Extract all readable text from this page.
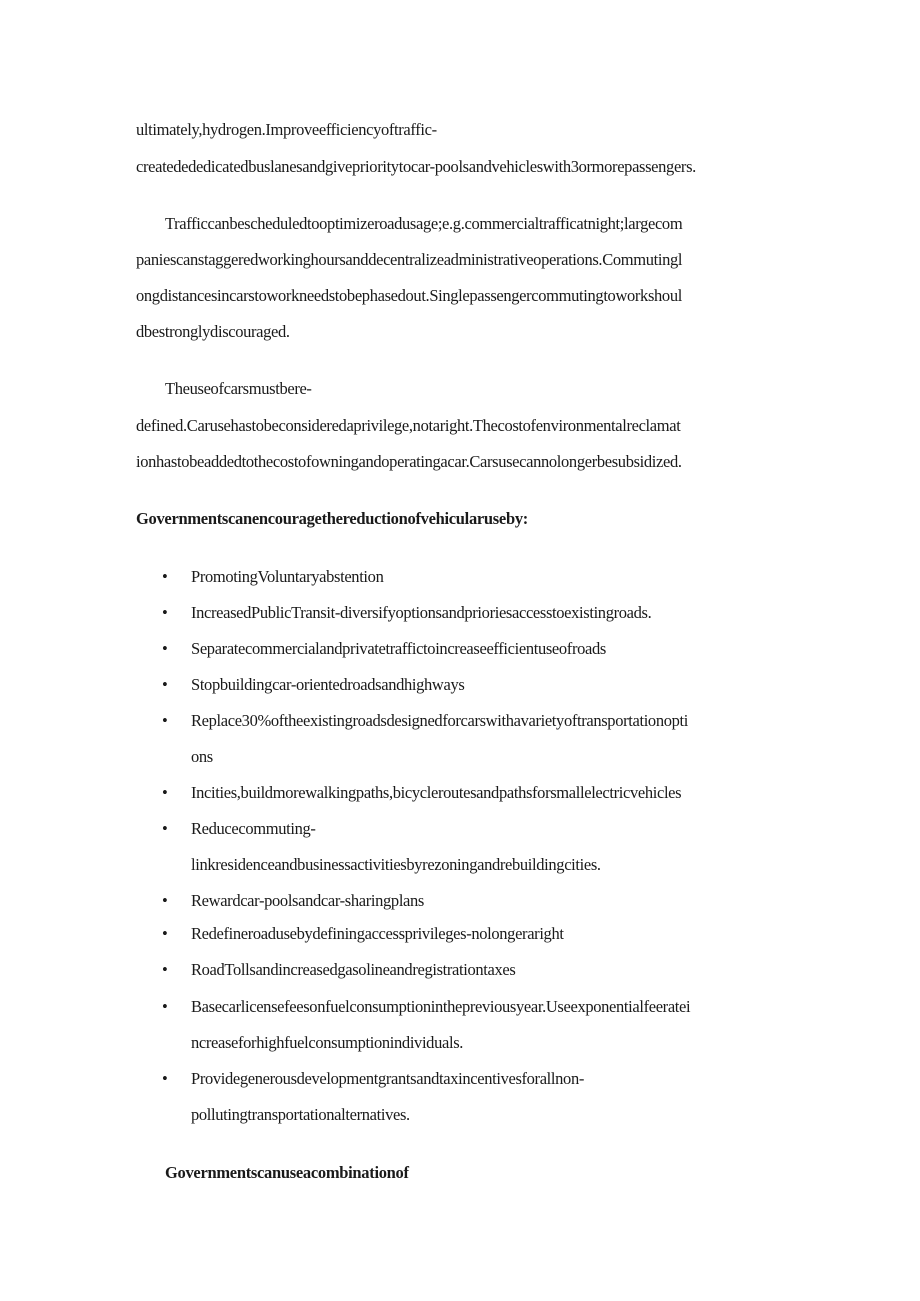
ultimately,hydrogen.Improveefficiencyoftraffic-
createdededicatedbuslanesandgiveprioritytocar-poolsandvehicleswith3ormorepassengers.
Trafficcanbescheduledtooptimizeroadusage;e.g.commercialtrafficatnight;largecom
paniescanstaggeredworkinghoursanddecentralizeadministrativeoperations.Commutingl
ongdistancesincarstoworkneedstobephasedout.Singlepassengercommutingtoworkshoul
dbestronglydiscouraged.
Theuseofcarsmustbere-
defined.Carusehastobeconsideredaprivilege,notaright.Thecostofenvironmentalreclamat
ionhastobeaddedtothecostofowningandoperatingacar.Carsusecannolongerbesubsidized.
Governmentscanencouragethereductionofvehicularuseby:
• PromotingVoluntaryabstention
• IncreasedPublicTransit-diversifyoptionsandprioriesaccesstoexistingroads.
• Separatecommercialandprivatetraffictoincreaseefficientuseofroads
• Stopbuildingcar-orientedroadsandhighways
• Replace30%oftheexistingroadsdesignedforcarswithavarietyoftransportationopti
ons
• Incities,buildmorewalkingpaths,bicycleroutesandpathsforsmallelectricvehicles
• Reducecommuting-
linkresidenceandbusinessactivitiesbyrezoningandrebuildingcities.
• Rewardcar-poolsandcar-sharingplans
• Redefineroadusebydefiningaccessprivileges-nolongeraright
• RoadTollsandincreasedgasolineandregistrationtaxes
• Basecarlicensefeesonfuelconsumptioninthepreviousyear.Useexponentialfeeratei
ncreaseforhighfuelconsumptionindividuals.
• Providegenerousdevelopmentgrantsandtaxincentivesforallnon-
pollutingtransportationalternatives.
Governmentscanuseacombinationof
